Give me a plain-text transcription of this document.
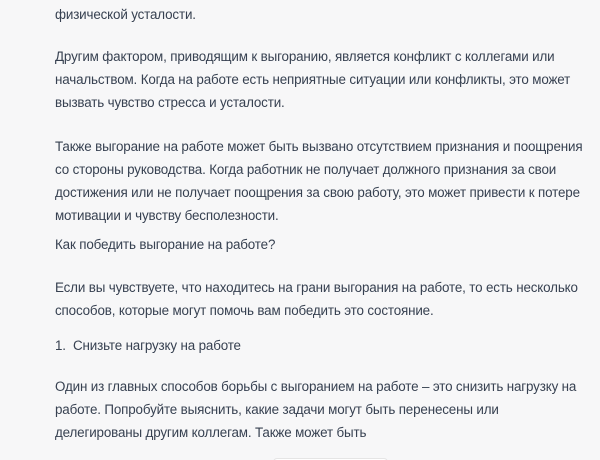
физической усталости.

Другим фактором, приводящим к выгоранию, является конфликт с коллегами или начальством. Когда на работе есть неприятные ситуации или конфликты, это может вызвать чувство стресса и усталости.

Также выгорание на работе может быть вызвано отсутствием признания и поощрения со стороны руководства. Когда работник не получает должного признания за свои достижения или не получает поощрения за свою работу, это может привести к потере мотивации и чувству бесполезности.

Как победить выгорание на работе?

Если вы чувствуете, что находитесь на грани выгорания на работе, то есть несколько способов, которые могут помочь вам победить это состояние.

1. Снизьте нагрузку на работе

Один из главных способов борьбы с выгоранием на работе – это снизить нагрузку на работе. Попробуйте выяснить, какие задачи могут быть перенесены или делегированы другим коллегам. Также может быть
